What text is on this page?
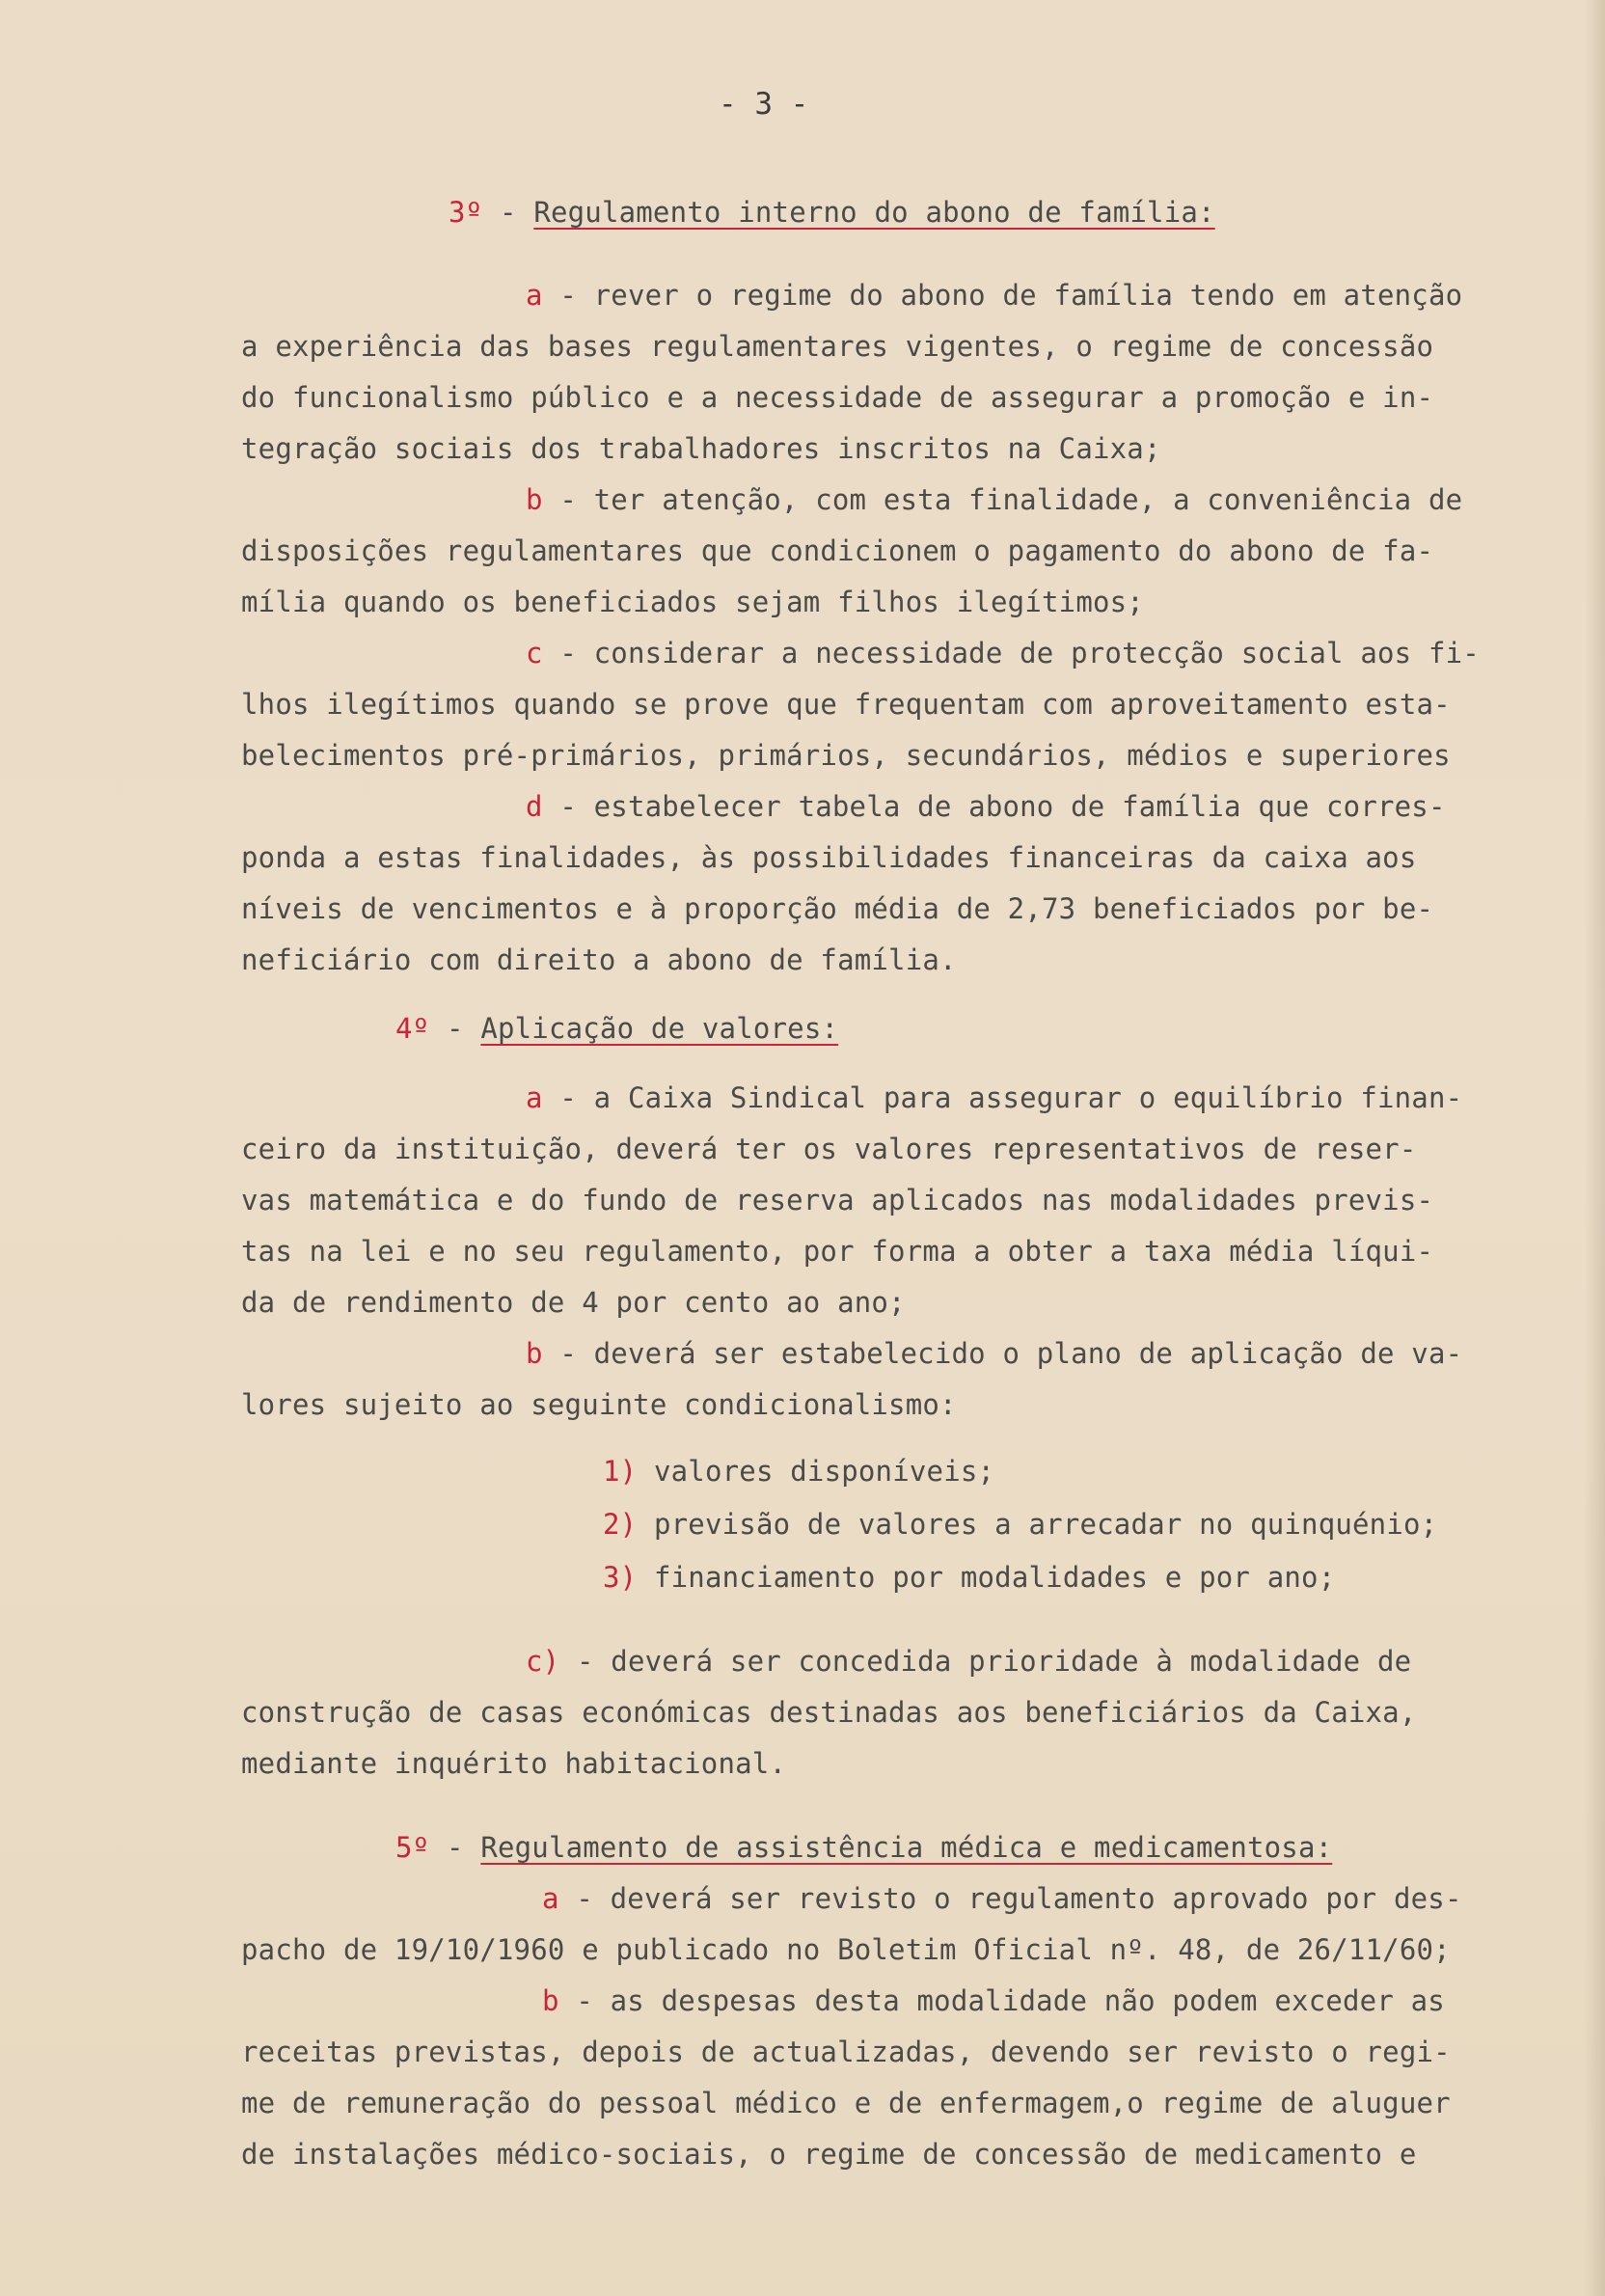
- 3 -
3º - Regulamento interno do abono de família:
a - rever o regime do abono de família tendo em atenção
a experiência das bases regulamentares vigentes, o regime de concessão
do funcionalismo público e a necessidade de assegurar a promoção e in-
tegração sociais dos trabalhadores inscritos na Caixa;
b - ter atenção, com esta finalidade, a conveniência de
disposições regulamentares que condicionem o pagamento do abono de fa-
mília quando os beneficiados sejam filhos ilegítimos;
c - considerar a necessidade de protecção social aos fi-
lhos ilegítimos quando se prove que frequentam com aproveitamento esta-
belecimentos pré-primários, primários, secundários, médios e superiores
d - estabelecer tabela de abono de família que corres-
ponda a estas finalidades, às possibilidades financeiras da caixa aos
níveis de vencimentos e à proporção média de 2,73 beneficiados por be-
neficiário com direito a abono de família.
4º - Aplicação de valores:
a - a Caixa Sindical para assegurar o equilíbrio finan-
ceiro da instituição, deverá ter os valores representativos de reser-
vas matemática e do fundo de reserva aplicados nas modalidades previs-
tas na lei e no seu regulamento, por forma a obter a taxa média líqui-
da de rendimento de 4 por cento ao ano;
b - deverá ser estabelecido o plano de aplicação de va-
lores sujeito ao seguinte condicionalismo:
1) valores disponíveis;
2) previsão de valores a arrecadar no quinquénio;
3) financiamento por modalidades e por ano;
c) - deverá ser concedida prioridade à modalidade de
construção de casas económicas destinadas aos beneficiários da Caixa,
mediante inquérito habitacional.
5º - Regulamento de assistência médica e medicamentosa:
a - deverá ser revisto o regulamento aprovado por des-
pacho de 19/10/1960 e publicado no Boletim Oficial nº. 48, de 26/11/60;
b - as despesas desta modalidade não podem exceder as
receitas previstas, depois de actualizadas, devendo ser revisto o regi-
me de remuneração do pessoal médico e de enfermagem,o regime de aluguer
de instalações médico-sociais, o regime de concessão de medicamento e
